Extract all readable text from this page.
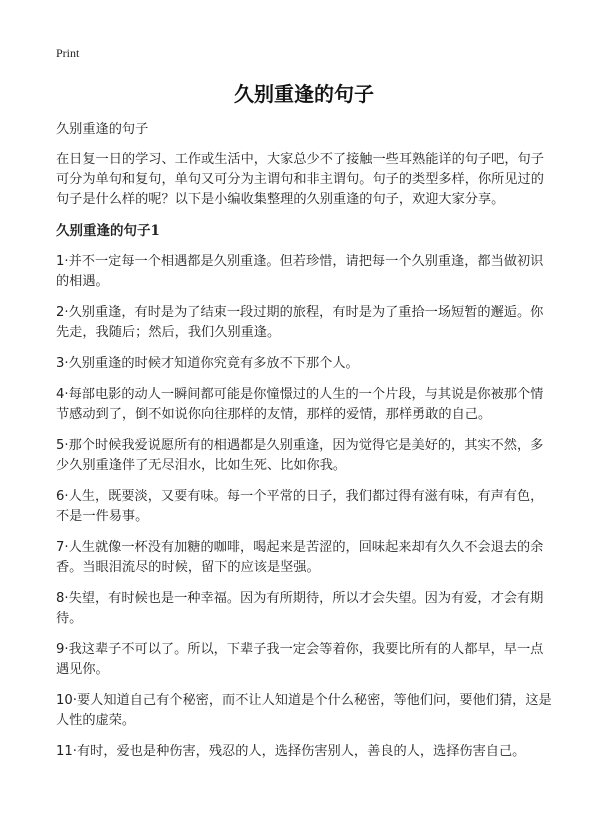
Print
久别重逢的句子

久别重逢的句子

在日复一日的学习、工作或生活中，大家总少不了接触一些耳熟能详的句子吧，句子可分为单句和复句，单句又可分为主谓句和非主谓句。句子的类型多样，你所见过的句子是什么样的呢？以下是小编收集整理的久别重逢的句子，欢迎大家分享。

久别重逢的句子1

1·并不一定每一个相遇都是久别重逢。但若珍惜，请把每一个久别重逢，都当做初识的相遇。

2·久别重逢，有时是为了结束一段过期的旅程，有时是为了重拾一场短暂的邂逅。你先走，我随后；然后，我们久别重逢。

3·久别重逢的时候才知道你究竟有多放不下那个人。

4·每部电影的动人一瞬间都可能是你憧憬过的人生的一个片段，与其说是你被那个情节感动到了，倒不如说你向往那样的友情，那样的爱情，那样勇敢的自己。

5·那个时候我爱说愿所有的相遇都是久别重逢，因为觉得它是美好的，其实不然，多少久别重逢伴了无尽泪水，比如生死、比如你我。

6·人生，既要淡，又要有味。每一个平常的日子，我们都过得有滋有味，有声有色，不是一件易事。

7·人生就像一杯没有加糖的咖啡，喝起来是苦涩的，回味起来却有久久不会退去的余香。当眼泪流尽的时候，留下的应该是坚强。

8·失望，有时候也是一种幸福。因为有所期待，所以才会失望。因为有爱，才会有期待。

9·我这辈子不可以了。所以，下辈子我一定会等着你，我要比所有的人都早，早一点遇见你。

10·要人知道自己有个秘密，而不让人知道是个什么秘密，等他们问，要他们猜，这是人性的虚荣。

11·有时，爱也是种伤害，残忍的人，选择伤害别人，善良的人，选择伤害自己。
